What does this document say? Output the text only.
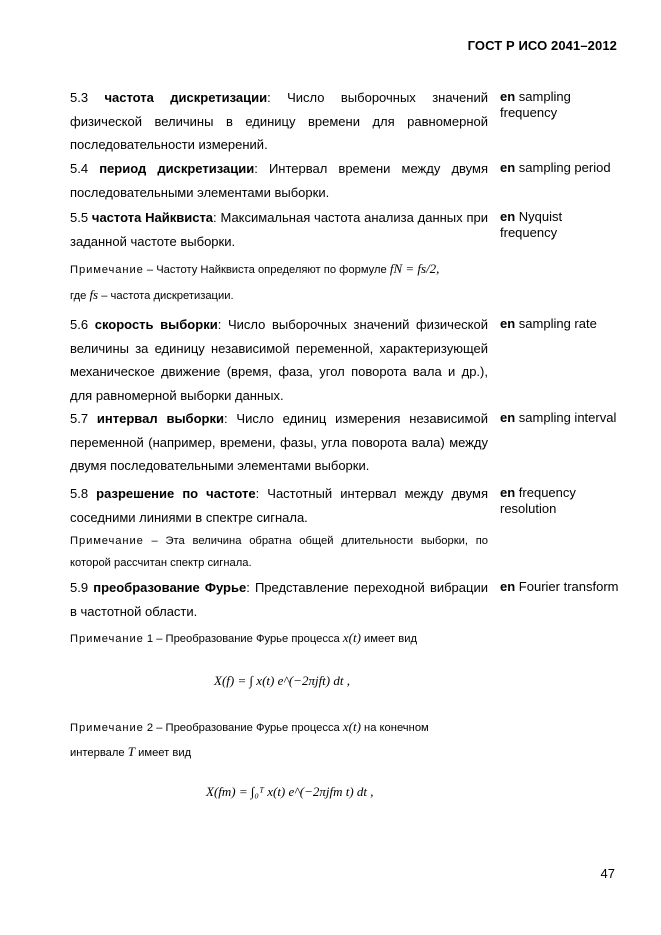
ГОСТ Р ИСО 2041–2012
5.3 частота дискретизации: Число выборочных значений физической величины в единицу времени для равномерной последовательности измерений.
en sampling frequency
5.4 период дискретизации: Интервал времени между двумя последовательными элементами выборки.
en sampling period
5.5 частота Найквиста: Максимальная частота анализа данных при заданной частоте выборки.
en Nyquist frequency
Примечание – Частоту Найквиста определяют по формуле fN = fs/2,
где fs – частота дискретизации.
5.6 скорость выборки: Число выборочных значений физической величины за единицу независимой переменной, характеризующей механическое движение (время, фаза, угол поворота вала и др.), для равномерной выборки данных.
en sampling rate
5.7 интервал выборки: Число единиц измерения независимой переменной (например, времени, фазы, угла поворота вала) между двумя последовательными элементами выборки.
en sampling interval
5.8 разрешение по частоте: Частотный интервал между двумя соседними линиями в спектре сигнала.
en frequency resolution
Примечание – Эта величина обратна общей длительности выборки, по которой рассчитан спектр сигнала.
5.9 преобразование Фурье: Представление переходной вибрации в частотной области.
en Fourier transform
Примечание 1 – Преобразование Фурье процесса x(t) имеет вид
X(f) = ∫ x(t) e^(−2πjft) dt ,
Примечание 2 – Преобразование Фурье процесса x(t) на конечном
интервале T имеет вид
X(fm) = ∫₀ᵀ x(t) e^(−2πjfm t) dt ,
47
